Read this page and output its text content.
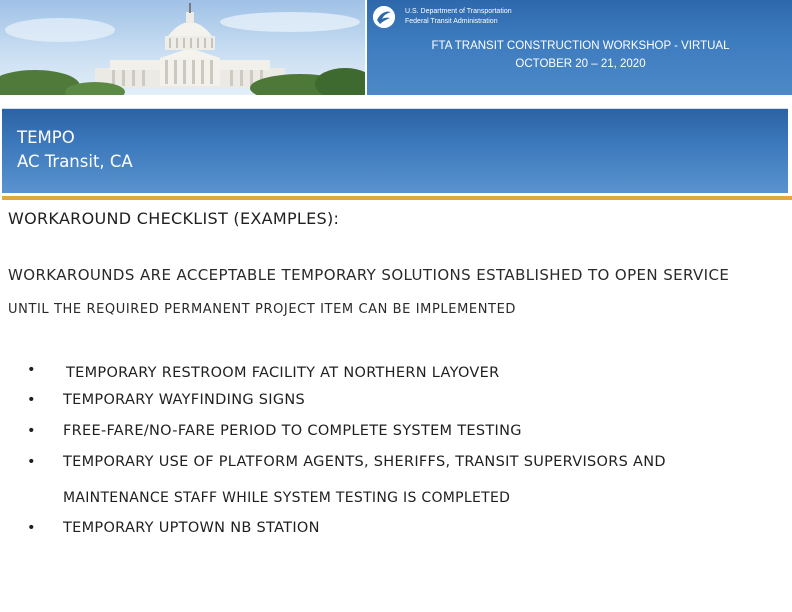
U.S. Department of Transportation
Federal Transit Administration
FTA TRANSIT CONSTRUCTION WORKSHOP - VIRTUAL
OCTOBER 20 – 21, 2020
TEMPO
AC Transit, CA
WORKAROUND CHECKLIST (EXAMPLES):
WORKAROUNDS ARE ACCEPTABLE TEMPORARY SOLUTIONS ESTABLISHED TO OPEN SERVICE
UNTIL THE REQUIRED PERMANENT PROJECT ITEM CAN BE IMPLEMENTED
•	TEMPORARY RESTROOM FACILITY AT NORTHERN LAYOVER
•	TEMPORARY WAYFINDING SIGNS
•	FREE-FARE/NO-FARE PERIOD TO COMPLETE SYSTEM TESTING
•	TEMPORARY USE OF PLATFORM AGENTS, SHERIFFS, TRANSIT SUPERVISORS AND
MAINTENANCE STAFF WHILE SYSTEM TESTING IS COMPLETED
•	TEMPORARY UPTOWN NB STATION
